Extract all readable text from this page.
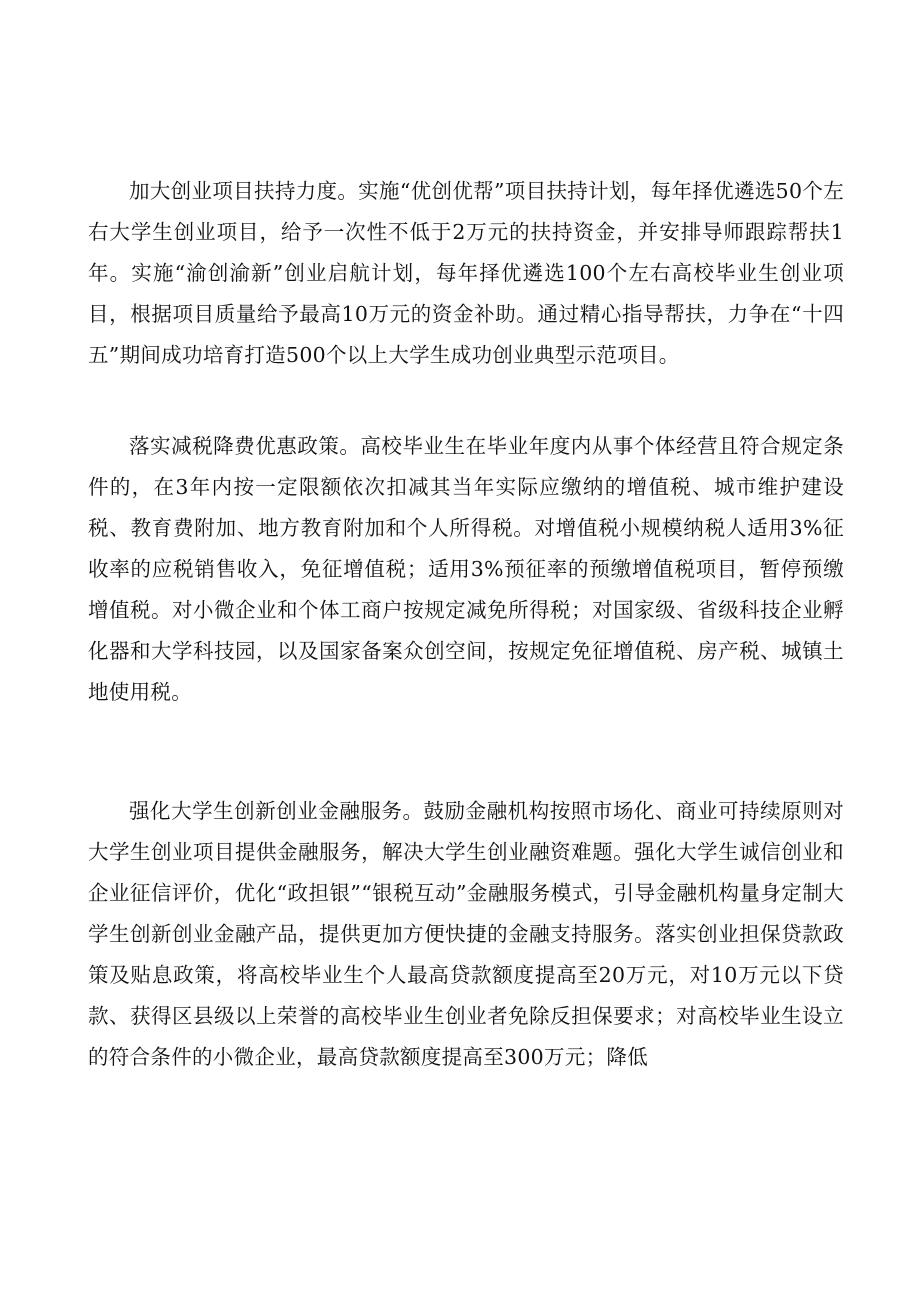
加大创业项目扶持力度。实施“优创优帮”项目扶持计划，每年择优遴选50个左右大学生创业项目，给予一次性不低于2万元的扶持资金，并安排导师跟踪帮扶1年。实施“渝创渝新”创业启航计划，每年择优遴选100个左右高校毕业生创业项目，根据项目质量给予最高10万元的资金补助。通过精心指导帮扶，力争在“十四五”期间成功培育打造500个以上大学生成功创业典型示范项目。

落实减税降费优惠政策。高校毕业生在毕业年度内从事个体经营且符合规定条件的，在3年内按一定限额依次扣减其当年实际应缴纳的增值税、城市维护建设税、教育费附加、地方教育附加和个人所得税。对增值税小规模纳税人适用3%征收率的应税销售收入，免征增值税；适用3%预征率的预缴增值税项目，暂停预缴增值税。对小微企业和个体工商户按规定减免所得税；对国家级、省级科技企业孵化器和大学科技园，以及国家备案众创空间，按规定免征增值税、房产税、城镇土地使用税。

强化大学生创新创业金融服务。鼓励金融机构按照市场化、商业可持续原则对大学生创业项目提供金融服务，解决大学生创业融资难题。强化大学生诚信创业和企业征信评价，优化“政担银”“银税互动”金融服务模式，引导金融机构量身定制大学生创新创业金融产品，提供更加方便快捷的金融支持服务。落实创业担保贷款政策及贴息政策，将高校毕业生个人最高贷款额度提高至20万元，对10万元以下贷款、获得区县级以上荣誉的高校毕业生创业者免除反担保要求；对高校毕业生设立的符合条件的小微企业，最高贷款额度提高至300万元；降低
